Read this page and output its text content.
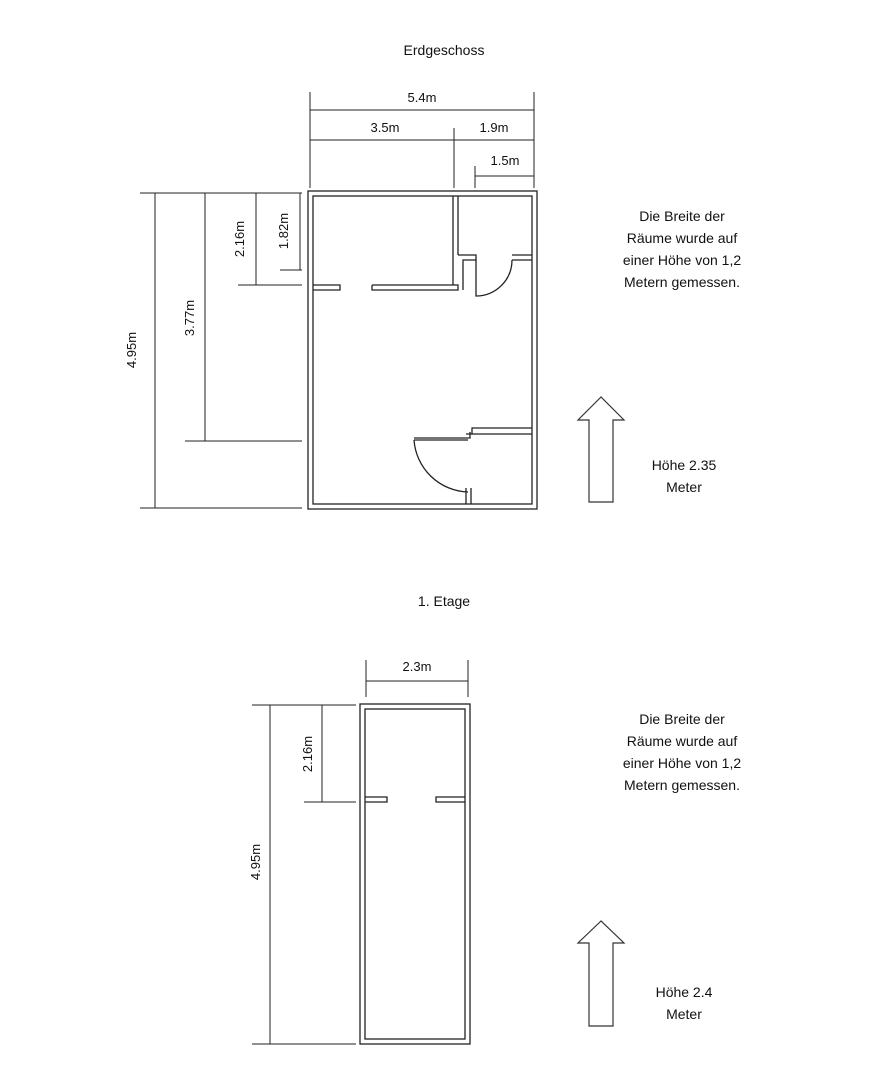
Erdgeschoss
5.4m
3.5m	1.9m
1.5m
4.95m
3.77m
2.16m 1.82m	Die Breite der
Räume wurde auf
einer Höhe von 1,2
Metern gemessen.
Höhe 2.35
Meter
1. Etage
2.3m
4.95m
2.16m
Die Breite der
Räume wurde auf
einer Höhe von 1,2
Metern gemessen.
Höhe 2.4
Meter
